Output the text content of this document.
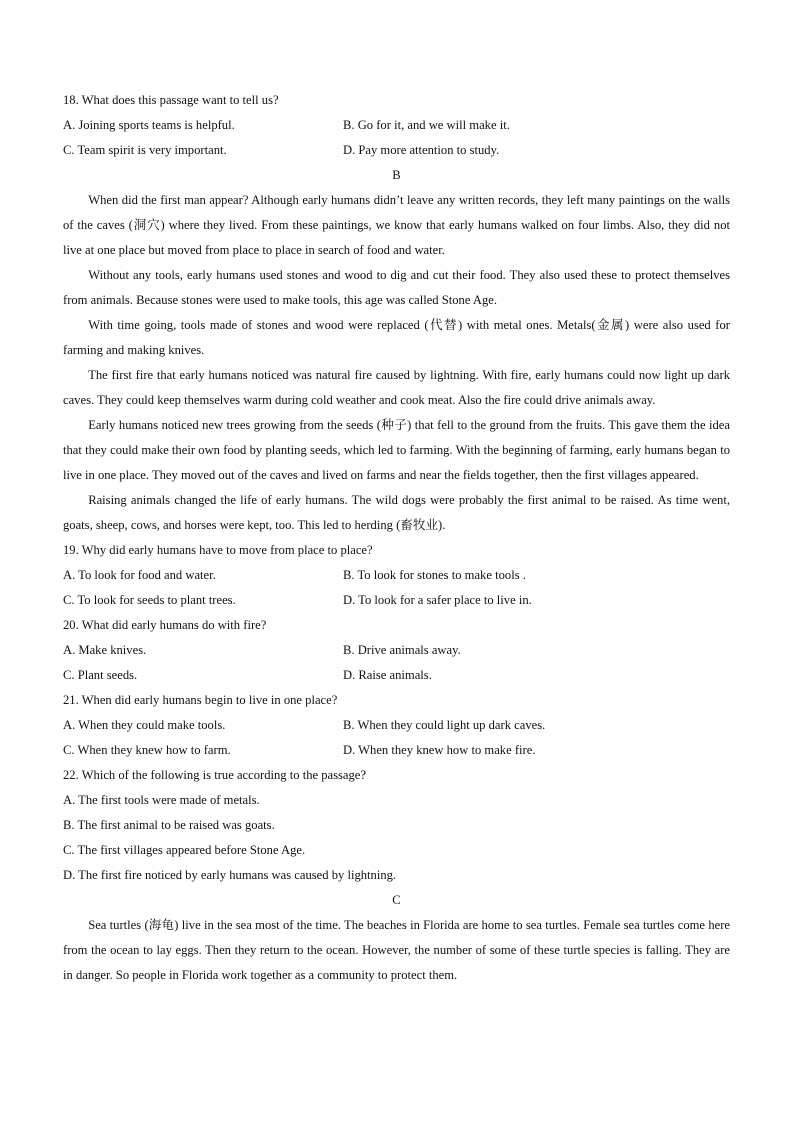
18. What does this passage want to tell us?
A. Joining sports teams is helpful.	B. Go for it, and we will make it.
C. Team spirit is very important.	D. Pay more attention to study.
B

When did the first man appear? Although early humans didn’t leave any written records, they left many paintings on the walls of the caves (洞穴) where they lived. From these paintings, we know that early humans walked on four limbs. Also, they did not live at one place but moved from place to place in search of food and water.

Without any tools, early humans used stones and wood to dig and cut their food. They also used these to protect themselves from animals. Because stones were used to make tools, this age was called Stone Age.

With time going, tools made of stones and wood were replaced (代替) with metal ones. Metals(金属) were also used for farming and making knives.

The first fire that early humans noticed was natural fire caused by lightning. With fire, early humans could now light up dark caves. They could keep themselves warm during cold weather and cook meat. Also the fire could drive animals away.

Early humans noticed new trees growing from the seeds (种子) that fell to the ground from the fruits. This gave them the idea that they could make their own food by planting seeds, which led to farming. With the beginning of farming, early humans began to live in one place. They moved out of the caves and lived on farms and near the fields together, then the first villages appeared.

Raising animals changed the life of early humans. The wild dogs were probably the first animal to be raised. As time went, goats, sheep, cows, and horses were kept, too. This led to herding (畜牧业).

19. Why did early humans have to move from place to place?
A. To look for food and water.	B. To look for stones to make tools .
C. To look for seeds to plant trees.	D. To look for a safer place to live in.
20. What did early humans do with fire?
A. Make knives.	B. Drive animals away.
C. Plant seeds.	D. Raise animals.
21. When did early humans begin to live in one place?
A. When they could make tools.	B. When they could light up dark caves.
C. When they knew how to farm.	D. When they knew how to make fire.
22. Which of the following is true according to the passage?
A. The first tools were made of metals.
B. The first animal to be raised was goats.
C. The first villages appeared before Stone Age.
D. The first fire noticed by early humans was caused by lightning.
C

Sea turtles (海龟) live in the sea most of the time. The beaches in Florida are home to sea turtles. Female sea turtles come here from the ocean to lay eggs. Then they return to the ocean. However, the number of some of these turtle species is falling. They are in danger. So people in Florida work together as a community to protect them.
